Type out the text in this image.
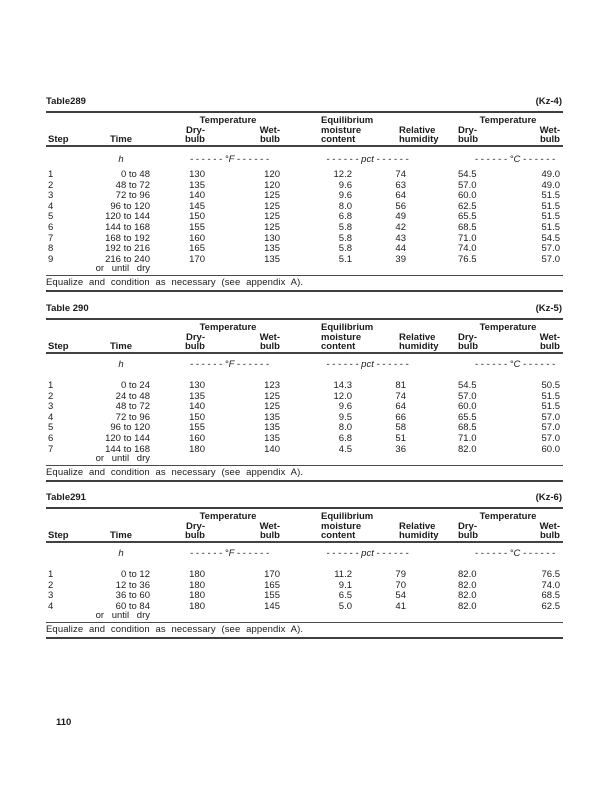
Table289	(Kz-4)
		Temperature		Equilibrium		Temperature	
		Dry-	Wet-	moisture	Relative	Dry-	Wet-
Step	Time	bulb	bulb	content	humidity	bulb	bulb
	h	- - - - - - °F - - - - - -		- - - - - - pct - - - - - -		- - - - - - °C - - - - - -	
1	0 to 48	130	120	12.2	74	54.5	49.0
2	48 to 72	135	120	9.6	63	57.0	49.0
3	72 to 96	140	125	9.6	64	60.0	51.5
4	96 to 120	145	125	8.0	56	62.5	51.5
5	120 to 144	150	125	6.8	49	65.5	51.5
6	144 to 168	155	125	5.8	42	68.5	51.5
7	168 to 192	160	130	5.8	43	71.0	54.5
8	192 to 216	165	135	5.8	44	74.0	57.0
9	216 to 240	170	135	5.1	39	76.5	57.0
	or until dry						
Equalize and condition as necessary (see appendix A).
Table 290	(Kz-5)
		Temperature		Equilibrium		Temperature	
		Dry-	Wet-	moisture	Relative	Dry-	Wet-
Step	Time	bulb	bulb	content	humidity	bulb	bulb
	h	- - - - - - °F - - - - - -		- - - - - - pct - - - - - -		- - - - - - °C - - - - - -	
1	0 to 24	130	123	14.3	81	54.5	50.5
2	24 to 48	135	125	12.0	74	57.0	51.5
3	48 to 72	140	125	9.6	64	60.0	51.5
4	72 to 96	150	135	9.5	66	65.5	57.0
5	96 to 120	155	135	8.0	58	68.5	57.0
6	120 to 144	160	135	6.8	51	71.0	57.0
7	144 to 168	180	140	4.5	36	82.0	60.0
	or until dry						
Equalize and condition as necessary (see appendix A).
Table291	(Kz-6)
		Temperature		Equilibrium		Temperature	
		Dry-	Wet-	moisture	Relative	Dry-	Wet-
Step	Time	bulb	bulb	content	humidity	bulb	bulb
	h	- - - - - - °F - - - - - -		- - - - - - pct - - - - - -		- - - - - - °C - - - - - -	
1	0 to 12	180	170	11.2	79	82.0	76.5
2	12 to 36	180	165	9.1	70	82.0	74.0
3	36 to 60	180	155	6.5	54	82.0	68.5
4	60 to 84	180	145	5.0	41	82.0	62.5
	or until dry						
Equalize and condition as necessary (see appendix A).
110
